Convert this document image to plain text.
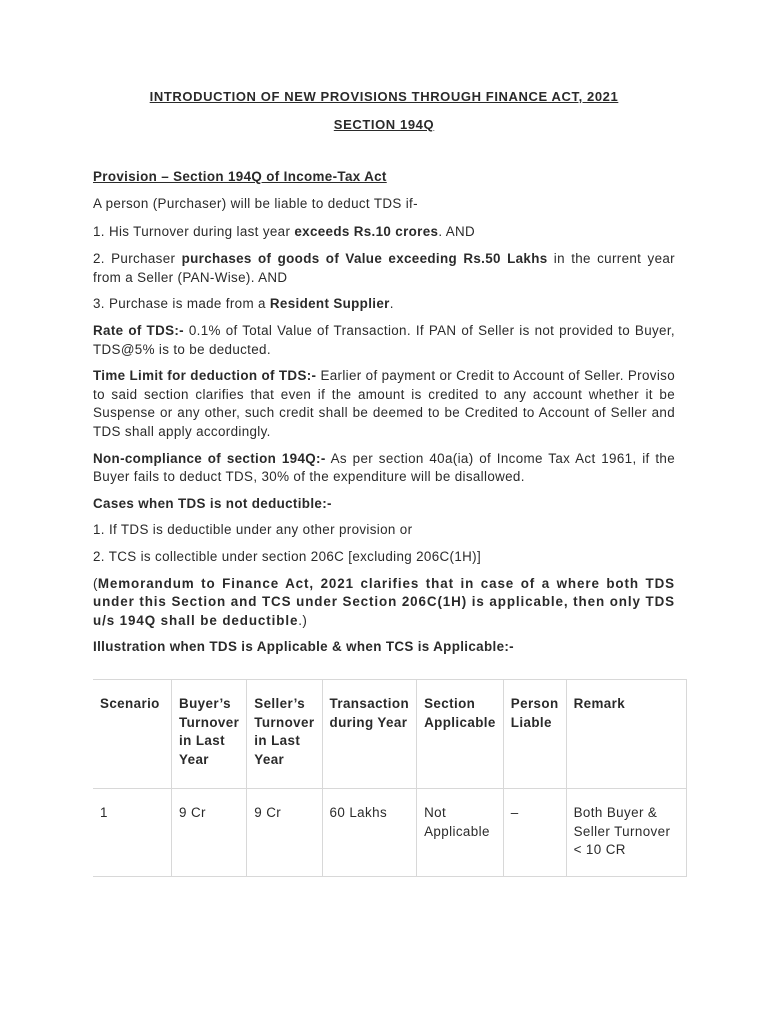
INTRODUCTION OF NEW PROVISIONS THROUGH FINANCE ACT, 2021

SECTION 194Q

Provision – Section 194Q of Income-Tax Act

A person (Purchaser) will be liable to deduct TDS if-

1. His Turnover during last year exceeds Rs.10 crores. AND

2. Purchaser purchases of goods of Value exceeding Rs.50 Lakhs in the current year from a Seller (PAN-Wise). AND

3. Purchase is made from a Resident Supplier.

Rate of TDS:- 0.1% of Total Value of Transaction. If PAN of Seller is not provided to Buyer, TDS@5% is to be deducted.

Time Limit for deduction of TDS:- Earlier of payment or Credit to Account of Seller. Proviso to said section clarifies that even if the amount is credited to any account whether it be Suspense or any other, such credit shall be deemed to be Credited to Account of Seller and TDS shall apply accordingly.

Non-compliance of section 194Q:- As per section 40a(ia) of Income Tax Act 1961, if the Buyer fails to deduct TDS, 30% of the expenditure will be disallowed.

Cases when TDS is not deductible:-

1. If TDS is deductible under any other provision or

2. TCS is collectible under section 206C [excluding 206C(1H)]

(Memorandum to Finance Act, 2021 clarifies that in case of a where both TDS under this Section and TCS under Section 206C(1H) is applicable, then only TDS u/s 194Q shall be deductible.)

Illustration when TDS is Applicable & when TCS is Applicable:-

Scenario	Buyer’s Turnover in Last Year	Seller’s Turnover in Last Year	Transaction during Year	Section Applicable	Person Liable	Remark
1	9 Cr	9 Cr	60 Lakhs	Not Applicable	–	Both Buyer & Seller Turnover < 10 CR
